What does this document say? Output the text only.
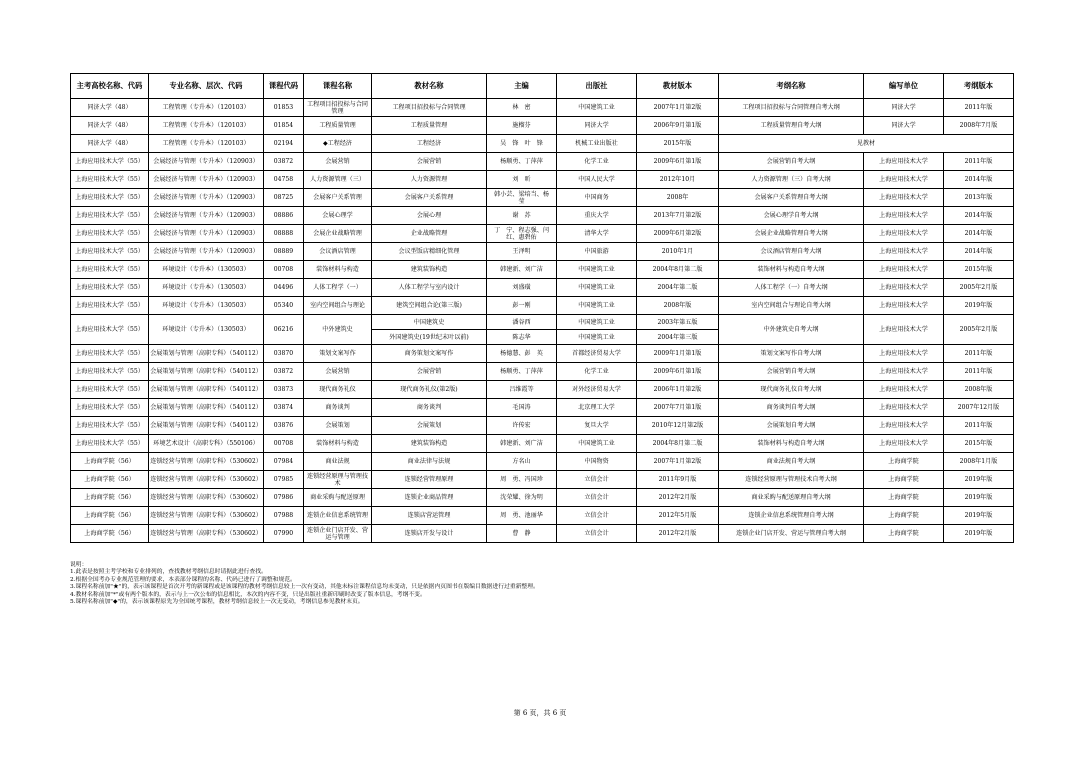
主考高校名称、代码	专业名称、层次、代码	课程代码	课程名称	教材名称	主编	出版社	教材版本	考纲名称	编写单位	考纲版本
同济大学（48）	工程管理（专升本）（120103）	01853	工程项目招投标与合同管理	工程项目招投标与合同管理	林　密	中国建筑工业	2007年1月第2版	工程项目招投标与合同管理自考大纲	同济大学	2011年版
同济大学（48）	工程管理（专升本）（120103）	01854	工程质量管理	工程质量管理	施榴芬	同济大学	2006年9月第1版	工程质量管理自考大纲	同济大学	2008年7月版
同济大学（48）	工程管理（专升本）（120103）	02194	◆工程经济	工程经济	吴　锋　叶　锋	机械工业出版社	2015年版	见教材		
上海应用技术大学（55）	会展经济与管理（专升本）（120903）	03872	会展营销	会展营销	杨顺勇、丁萍萍	化学工业	2009年6月第1版	会展营销自考大纲	上海应用技术大学	2011年版
上海应用技术大学（55）	会展经济与管理（专升本）（120903）	04758	人力资源管理（三）	人力资源管理	刘　昕	中国人民大学	2012年10月	人力资源管理（三）自考大纲	上海应用技术大学	2014年版
上海应用技术大学（55）	会展经济与管理（专升本）（120903）	08725	会展客户关系管理	会展客户关系管理	韩小芸、梁培当、杨　莹	中国商务	2008年	会展客户关系管理自考大纲	上海应用技术大学	2013年版
上海应用技术大学（55）	会展经济与管理（专升本）（120903）	08886	会展心理学	会展心理	谢　苏	重庆大学	2013年7月第2版	会展心理学自考大纲	上海应用技术大学	2014年版
上海应用技术大学（55）	会展经济与管理（专升本）（120903）	08888	会展企业战略管理	企业战略管理	丁　宁、程志强、闫　红、惠碧佑	清华大学	2009年6月第2版	会展企业战略管理自考大纲	上海应用技术大学	2014年版
上海应用技术大学（55）	会展经济与管理（专升本）（120903）	08889	会议酒店管理	会议型饭店精细化管理	王泽明	中国旅游	2010年1月	会议酒店管理自考大纲	上海应用技术大学	2014年版
上海应用技术大学（55）	环境设计（专升本）（130503）	00708	装饰材料与构造	建筑装饰构造	韩建新、刘广洁	中国建筑工业	2004年8月第二版	装饰材料与构造自考大纲	上海应用技术大学	2015年版
上海应用技术大学（55）	环境设计（专升本）（130503）	04496	人体工程学（一）	人体工程学与室内设计	刘盛璜	中国建筑工业	2004年第二版	人体工程学（一）自考大纲	上海应用技术大学	2005年2月版
上海应用技术大学（55）	环境设计（专升本）（130503）	05340	室内空间组合与理论	建筑空间组合论(第三版)	彭一刚	中国建筑工业	2008年版	室内空间组合与理论自考大纲	上海应用技术大学	2019年版
上海应用技术大学（55）	环境设计（专升本）（130503）	06216	中外建筑史	中国建筑史	潘谷西	中国建筑工业	2003年第五版	中外建筑史自考大纲	上海应用技术大学	2005年2月版
				外国建筑史(19世纪末叶以前)	陈志华	中国建筑工业	2004年第三版			
上海应用技术大学（55）	会展策划与管理（高职专科）（540112）	03870	策划文案写作	商务策划文案写作	杨德慧、彭　英	首都经济贸易大学	2009年1月第1版	策划文案写作自考大纲	上海应用技术大学	2011年版
上海应用技术大学（55）	会展策划与管理（高职专科）（540112）	03872	会展营销	会展营销	杨顺勇、丁萍萍	化学工业	2009年6月第1版	会展营销自考大纲	上海应用技术大学	2011年版
上海应用技术大学（55）	会展策划与管理（高职专科）（540112）	03873	现代商务礼仪	现代商务礼仪(第2版)	吕维霞等	对外经济贸易大学	2006年1月第2版	现代商务礼仪自考大纲	上海应用技术大学	2008年版
上海应用技术大学（55）	会展策划与管理（高职专科）（540112）	03874	商务谈判	商务谈判	毛国涛	北京理工大学	2007年7月第1版	商务谈判自考大纲	上海应用技术大学	2007年12月版
上海应用技术大学（55）	会展策划与管理（高职专科）（540112）	03876	会展策划	会展策划	许传宏	复旦大学	2010年12月第2版	会展策划自考大纲	上海应用技术大学	2011年版
上海应用技术大学（55）	环境艺术设计（高职专科）（550106）	00708	装饰材料与构造	建筑装饰构造	韩建新、刘广洁	中国建筑工业	2004年8月第二版	装饰材料与构造自考大纲	上海应用技术大学	2015年版
上海商学院（56）	连锁经营与管理（高职专科）（530602）	07984	商业法规	商业法律与法规	方名山	中国物资	2007年1月第2版	商业法规自考大纲	上海商学院	2008年1月版
上海商学院（56）	连锁经营与管理（高职专科）（530602）	07985	连锁经营原理与管理技术	连锁经营管理原理	周　勇、冯国珍	立信会计	2011年9月版	连锁经营原理与管理技术自考大纲	上海商学院	2019年版
上海商学院（56）	连锁经营与管理（高职专科）（530602）	07986	商业采购与配送原理	连锁企业商品管理	沈荣耀、徐为明	立信会计	2012年2月版	商业采购与配送原理自考大纲	上海商学院	2019年版
上海商学院（56）	连锁经营与管理（高职专科）（530602）	07988	连锁企业信息系统管理	连锁店营运管理	周　勇、池丽华	立信会计	2012年5月版	连锁企业信息系统管理自考大纲	上海商学院	2019年版
上海商学院（56）	连锁经营与管理（高职专科）（530602）	07990	连锁企业门店开发、营运与管理	连锁店开发与设计	曹　静	立信会计	2012年2月版	连锁企业门店开发、营运与管理自考大纲	上海商学院	2019年版
说明：
1.此表是按照主考学校和专业排列的，查找教材考纲信息时请据此进行查找。
2.根据全国考办专业规范管理的要求，本表部分课程的名称、代码已进行了调整和规范。
3.课程名称前加"★"的，表示该课程是首次开考的新课程或是该课程的教材考纲信息较上一次有变动，其他未标注课程信息均未变动，只是依据内页图书在版编目数据进行过重新整理。
4.教材名称前加"*"或有两个版本的，表示与上一次公布的信息相比，本次的内容不变，只是出版社重新印刷时改变了版本信息，考纲不变。
5.课程名称前加"◆"的，表示该课程原先为全国统考课程，教材考纲信息较上一次无变动，考纲信息参见教材末页。
第 6 页，共 6 页
